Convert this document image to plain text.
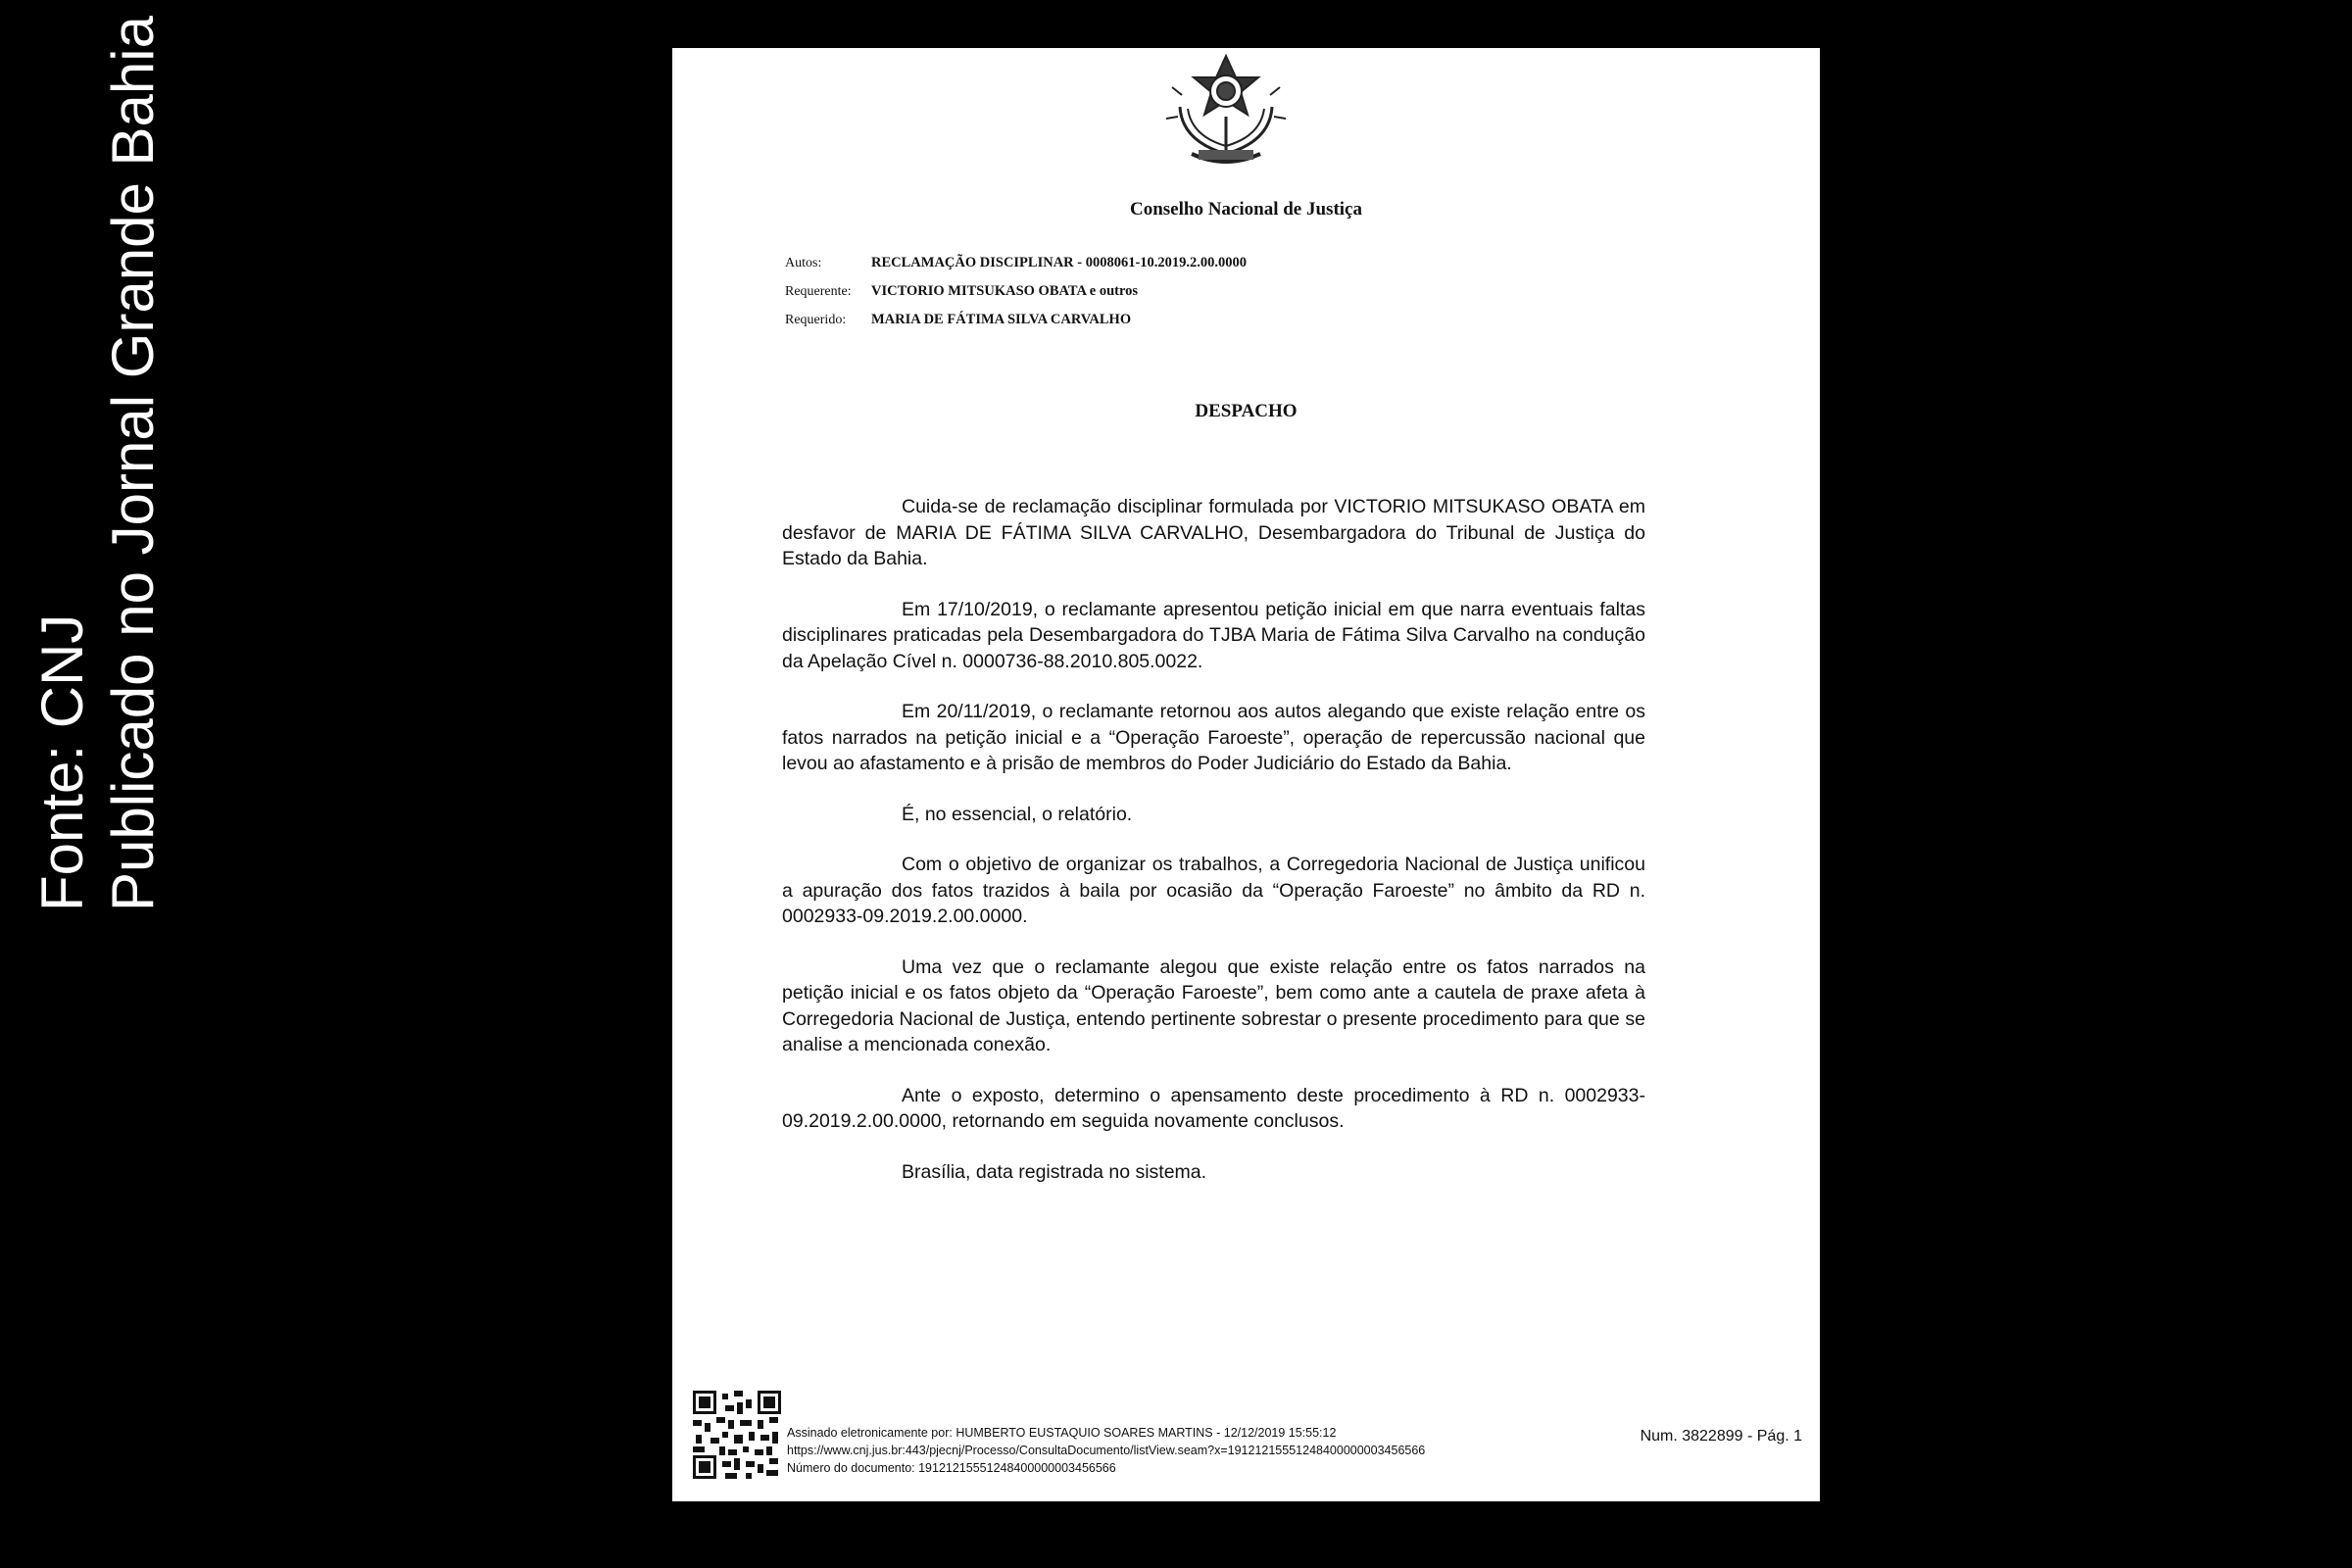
Fonte: CNJ Publicado no Jornal Grande Bahia	Conselho Nacional de Justiça
Autos:	RECLAMAÇÃO DISCIPLINAR - 0008061-10.2019.2.00.0000
Requerente:	VICTORIO MITSUKASO OBATA e outros
Requerido:	MARIA DE FÁTIMA SILVA CARVALHO
DESPACHO

Cuida-se de reclamação disciplinar formulada por VICTORIO MITSUKASO OBATA em desfavor de MARIA DE FÁTIMA SILVA CARVALHO, Desembargadora do Tribunal de Justiça do Estado da Bahia.

Em 17/10/2019, o reclamante apresentou petição inicial em que narra eventuais faltas disciplinares praticadas pela Desembargadora do TJBA Maria de Fátima Silva Carvalho na condução da Apelação Cível n. 0000736-88.2010.805.0022.

Em 20/11/2019, o reclamante retornou aos autos alegando que existe relação entre os fatos narrados na petição inicial e a “Operação Faroeste”, operação de repercussão nacional que levou ao afastamento e à prisão de membros do Poder Judiciário do Estado da Bahia.

É, no essencial, o relatório.

Com o objetivo de organizar os trabalhos, a Corregedoria Nacional de Justiça unificou a apuração dos fatos trazidos à baila por ocasião da “Operação Faroeste” no âmbito da RD n. 0002933-09.2019.2.00.0000.

Uma vez que o reclamante alegou que existe relação entre os fatos narrados na petição inicial e os fatos objeto da “Operação Faroeste”, bem como ante a cautela de praxe afeta à Corregedoria Nacional de Justiça, entendo pertinente sobrestar o presente procedimento para que se analise a mencionada conexão.

Ante o exposto, determino o apensamento deste procedimento à RD n. 0002933-09.2019.2.00.0000, retornando em seguida novamente conclusos.

Brasília, data registrada no sistema.

Assinado eletronicamente por: HUMBERTO EUSTAQUIO SOARES MARTINS - 12/12/2019 15:55:12
https://www.cnj.jus.br:443/pjecnj/Processo/ConsultaDocumento/listView.seam?x=19121215551248400000003456566
Número do documento: 19121215551248400000003456566
Num. 3822899 - Pág. 1
